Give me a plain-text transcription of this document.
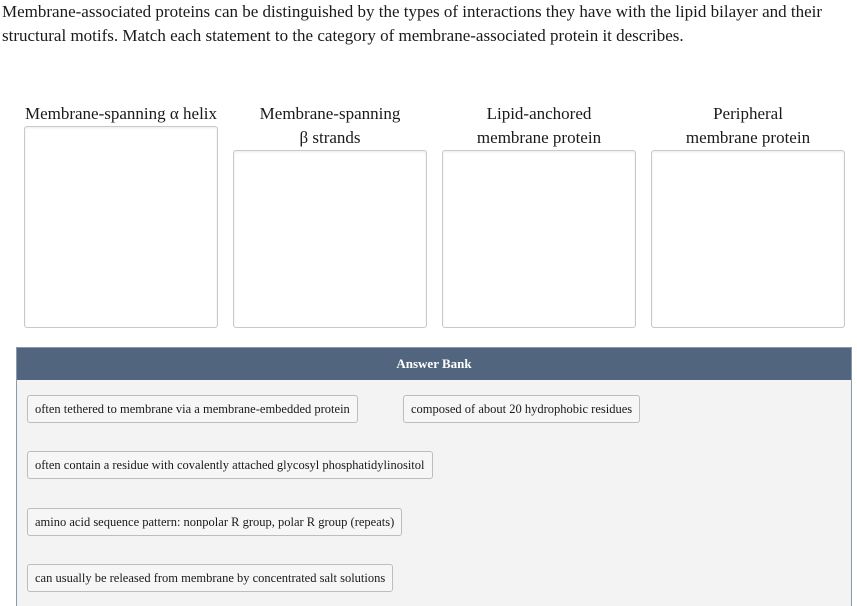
Membrane-associated proteins can be distinguished by the types of interactions they have with the lipid bilayer and their structural motifs. Match each statement to the category of membrane-associated protein it describes.

Membrane-spanning α helix	Membrane-spanning
β strands
Lipid-anchored
membrane protein
Peripheral
membrane protein
Answer Bank
often tethered to membrane via a membrane-embedded protein	composed of about 20 hydrophobic residues
often contain a residue with covalently attached glycosyl phosphatidylinositol
amino acid sequence pattern: nonpolar R group, polar R group (repeats)
can usually be released from membrane by concentrated salt solutions
